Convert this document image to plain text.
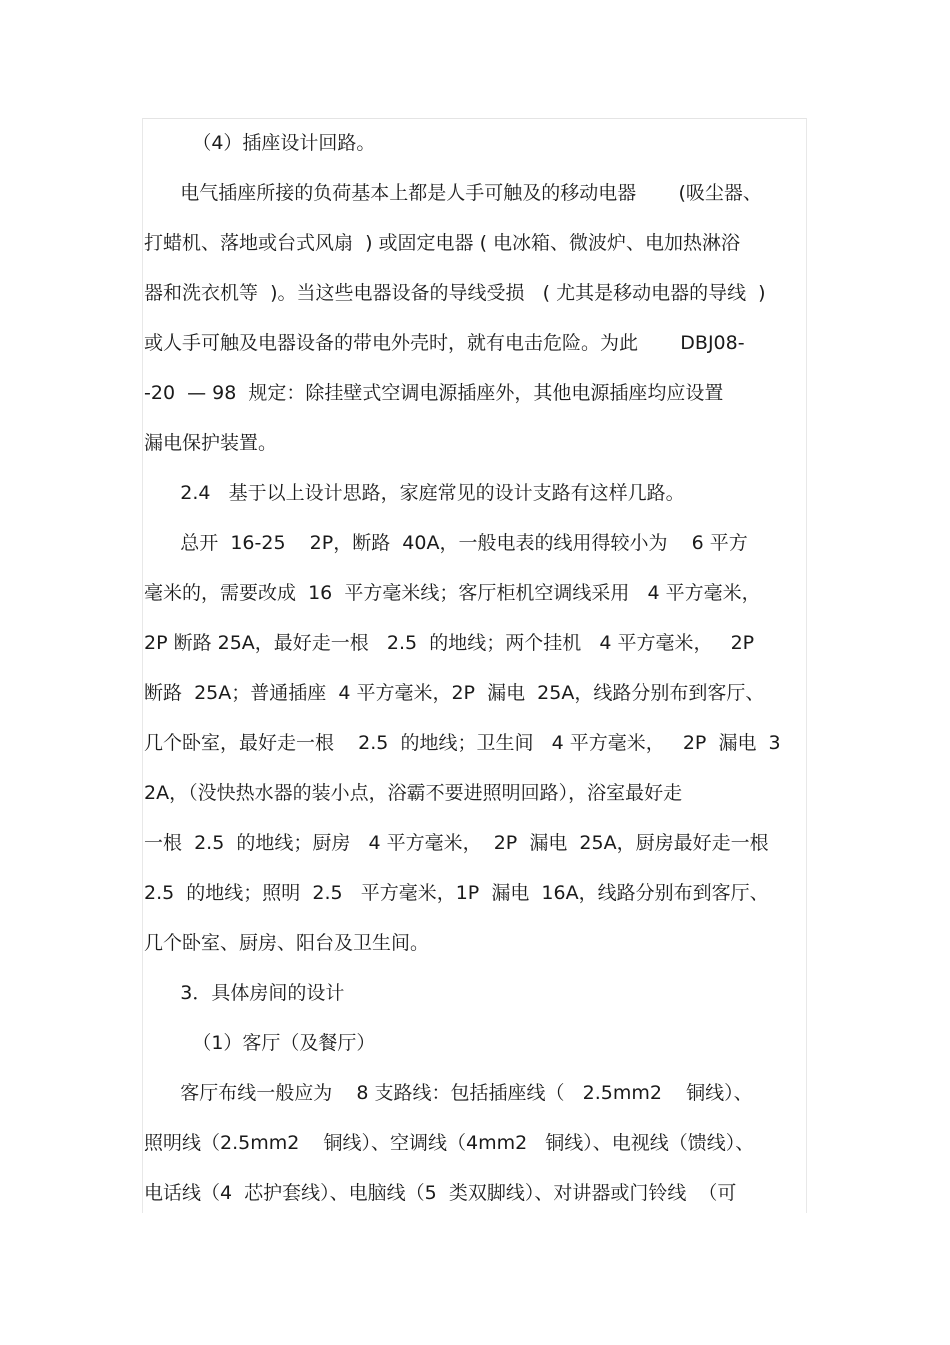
（4）插座设计回路。

电气插座所接的负荷基本上都是人手可触及的移动电器       (吸尘器、

打蜡机、落地或台式风扇  ) 或固定电器 ( 电冰箱、微波炉、电加热淋浴

器和洗衣机等  )。当这些电器设备的导线受损   ( 尤其是移动电器的导线  )

或人手可触及电器设备的带电外壳时，就有电击危险。为此       DBJ08-

-20  — 98  规定：除挂壁式空调电源插座外，其他电源插座均应设置

漏电保护装置。

2.4   基于以上设计思路，家庭常见的设计支路有这样几路。

总开  16-25    2P，断路  40A，一般电表的线用得较小为    6 平方

毫米的，需要改成  16  平方毫米线；客厅柜机空调线采用   4 平方毫米，

2P 断路 25A，最好走一根   2.5  的地线；两个挂机   4 平方毫米，   2P

断路  25A；普通插座  4 平方毫米，2P  漏电  25A，线路分别布到客厅、

几个卧室，最好走一根    2.5  的地线；卫生间   4 平方毫米，   2P  漏电  3

2A，（没快热水器的装小点，浴霸不要进照明回路），浴室最好走

一根  2.5  的地线；厨房   4 平方毫米，  2P  漏电  25A，厨房最好走一根

2.5  的地线；照明  2.5   平方毫米，1P  漏电  16A，线路分别布到客厅、

几个卧室、厨房、阳台及卫生间。

3．具体房间的设计

（1）客厅（及餐厅）

客厅布线一般应为    8 支路线：包括插座线（   2.5mm2    铜线）、

照明线（2.5mm2    铜线）、空调线（4mm2   铜线）、电视线（馈线）、

电话线（4  芯护套线）、电脑线（5  类双脚线）、对讲器或门铃线  （可
